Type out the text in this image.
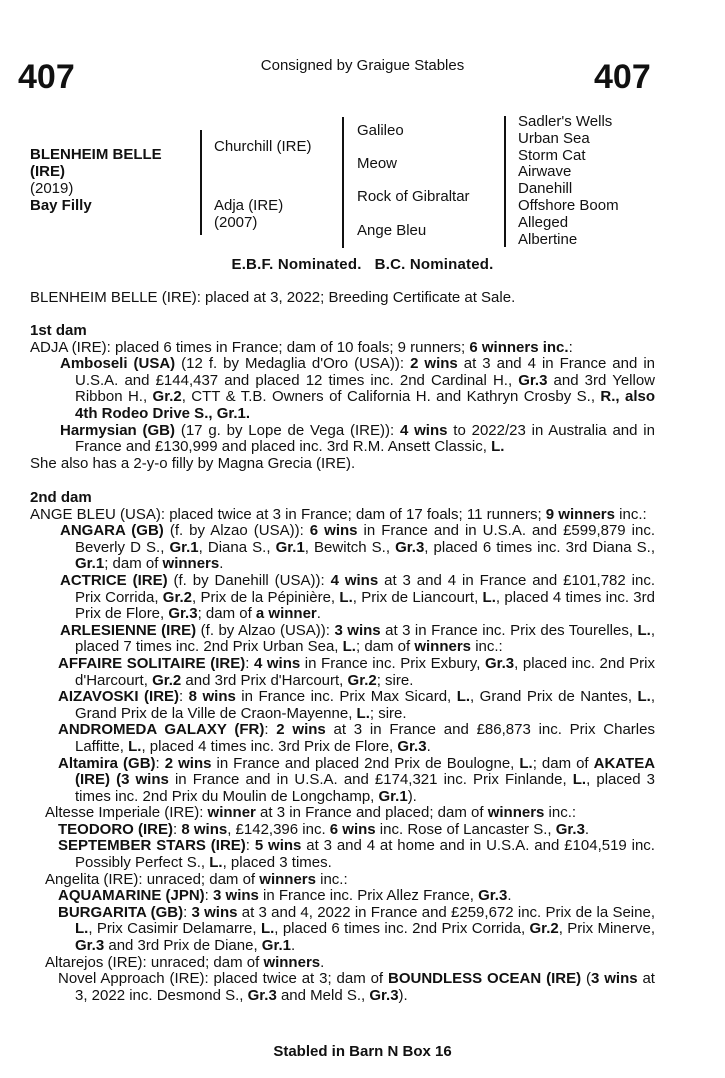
407	Consigned by Graigue Stables	407
BLENHEIM BELLE
(IRE)
(2019)
Bay Filly
Churchill (IRE)
Adja (IRE)
(2007)
Galileo
Meow
Rock of Gibraltar
Ange Bleu
Sadler's Wells
Urban Sea
Storm Cat
Airwave
Danehill
Offshore Boom
Alleged
Albertine
E.B.F. Nominated.   B.C. Nominated.

BLENHEIM BELLE (IRE): placed at 3, 2022; Breeding Certificate at Sale.

1st dam

ADJA (IRE): placed 6 times in France; dam of 10 foals; 9 runners; 6 winners inc.:

Amboseli (USA) (12 f. by Medaglia d'Oro (USA)): 2 wins at 3 and 4 in France and in U.S.A. and £144,437 and placed 12 times inc. 2nd Cardinal H., Gr.3 and 3rd Yellow Ribbon H., Gr.2, CTT & T.B. Owners of California H. and Kathryn Crosby S., R., also 4th Rodeo Drive S., Gr.1.

Harmysian (GB) (17 g. by Lope de Vega (IRE)): 4 wins to 2022/23 in Australia and in France and £130,999 and placed inc. 3rd R.M. Ansett Classic, L.

She also has a 2-y-o filly by Magna Grecia (IRE).

2nd dam

ANGE BLEU (USA): placed twice at 3 in France; dam of 17 foals; 11 runners; 9 winners inc.:

ANGARA (GB) (f. by Alzao (USA)): 6 wins in France and in U.S.A. and £599,879 inc. Beverly D S., Gr.1, Diana S., Gr.1, Bewitch S., Gr.3, placed 6 times inc. 3rd Diana S., Gr.1; dam of winners.

ACTRICE (IRE) (f. by Danehill (USA)): 4 wins at 3 and 4 in France and £101,782 inc. Prix Corrida, Gr.2, Prix de la Pépinière, L., Prix de Liancourt, L., placed 4 times inc. 3rd Prix de Flore, Gr.3; dam of a winner.

ARLESIENNE (IRE) (f. by Alzao (USA)): 3 wins at 3 in France inc. Prix des Tourelles, L., placed 7 times inc. 2nd Prix Urban Sea, L.; dam of winners inc.:

AFFAIRE SOLITAIRE (IRE): 4 wins in France inc. Prix Exbury, Gr.3, placed inc. 2nd Prix d'Harcourt, Gr.2 and 3rd Prix d'Harcourt, Gr.2; sire.

AIZAVOSKI (IRE): 8 wins in France inc. Prix Max Sicard, L., Grand Prix de Nantes, L., Grand Prix de la Ville de Craon-Mayenne, L.; sire.

ANDROMEDA GALAXY (FR): 2 wins at 3 in France and £86,873 inc. Prix Charles Laffitte, L., placed 4 times inc. 3rd Prix de Flore, Gr.3.

Altamira (GB): 2 wins in France and placed 2nd Prix de Boulogne, L.; dam of AKATEA (IRE) (3 wins in France and in U.S.A. and £174,321 inc. Prix Finlande, L., placed 3 times inc. 2nd Prix du Moulin de Longchamp, Gr.1).

Altesse Imperiale (IRE): winner at 3 in France and placed; dam of winners inc.:

TEODORO (IRE): 8 wins, £142,396 inc. 6 wins inc. Rose of Lancaster S., Gr.3.

SEPTEMBER STARS (IRE): 5 wins at 3 and 4 at home and in U.S.A. and £104,519 inc. Possibly Perfect S., L., placed 3 times.

Angelita (IRE): unraced; dam of winners inc.:

AQUAMARINE (JPN): 3 wins in France inc. Prix Allez France, Gr.3.

BURGARITA (GB): 3 wins at 3 and 4, 2022 in France and £259,672 inc. Prix de la Seine, L., Prix Casimir Delamarre, L., placed 6 times inc. 2nd Prix Corrida, Gr.2, Prix Minerve, Gr.3 and 3rd Prix de Diane, Gr.1.

Altarejos (IRE): unraced; dam of winners.

Novel Approach (IRE): placed twice at 3; dam of BOUNDLESS OCEAN (IRE) (3 wins at 3, 2022 inc. Desmond S., Gr.3 and Meld S., Gr.3).

Stabled in Barn N Box 16
